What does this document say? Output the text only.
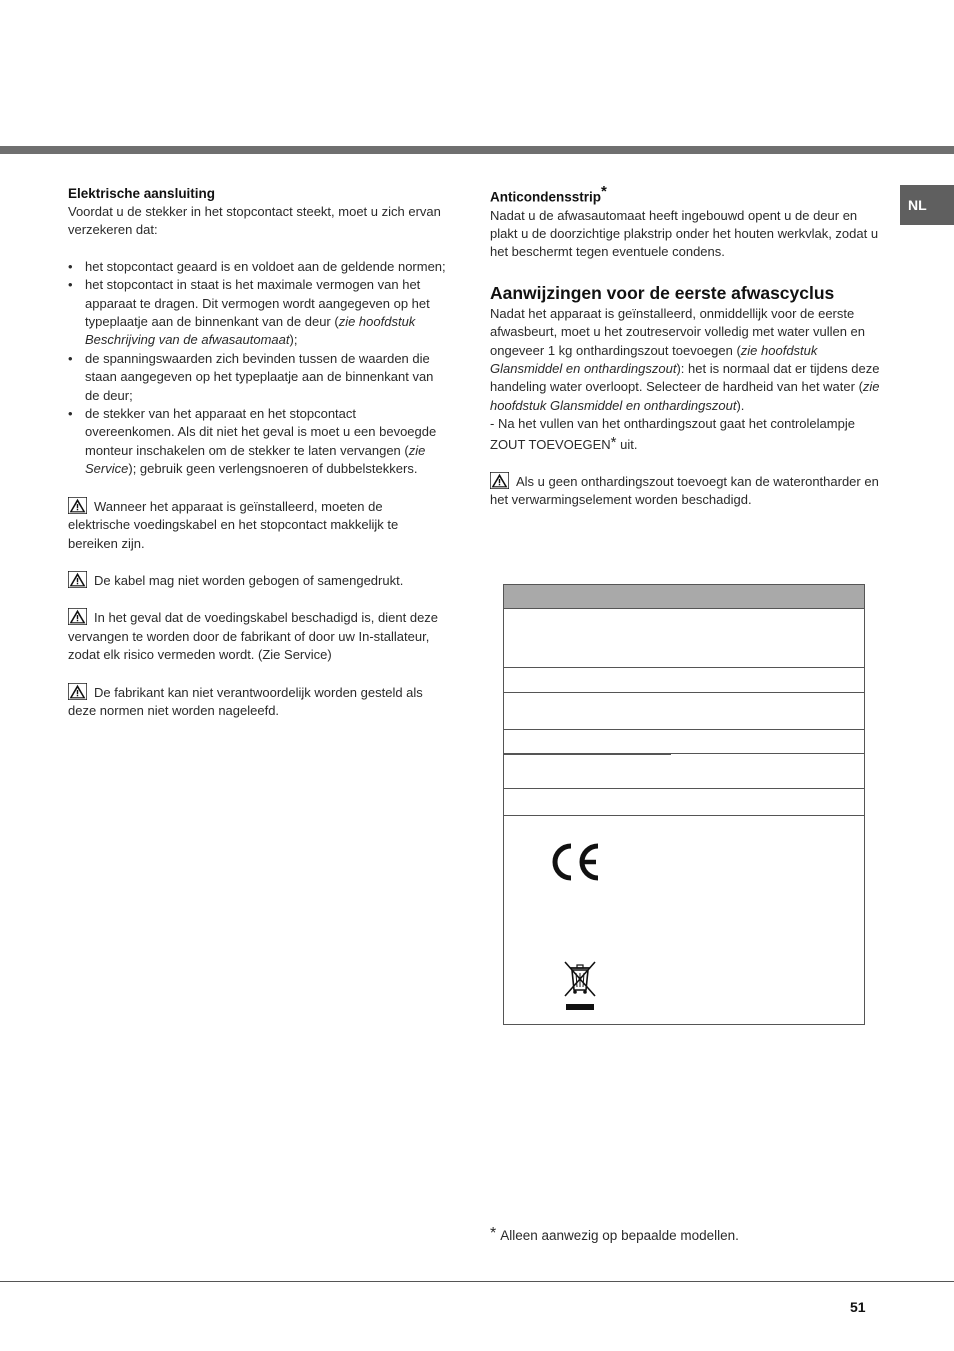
NL
Elektrische aansluiting

Voordat u de stekker in het stopcontact steekt, moet u zich ervan verzekeren dat:

• het stopcontact geaard is en voldoet aan de geldende normen;
• het stopcontact in staat is het maximale vermogen van het apparaat te dragen. Dit vermogen wordt aangegeven op het typeplaatje aan de binnenkant van de deur (zie hoofdstuk Beschrijving van de afwasautomaat);
• de spanningswaarden zich bevinden tussen de waarden die staan aangegeven op het typeplaatje aan de binnenkant van de deur;
• de stekker van het apparaat en het stopcontact overeenkomen. Als dit niet het geval is moet u een bevoegde monteur inschakelen om de stekker te laten vervangen (zie Service); gebruik geen verlengsnoeren of dubbelstekkers.

Wanneer het apparaat is geïnstalleerd, moeten de elektrische voedingskabel en het stopcontact makkelijk te bereiken zijn.

De kabel mag niet worden gebogen of samengedrukt.

In het geval dat de voedingskabel beschadigd is, dient deze vervangen te worden door de fabrikant of door uw In-stallateur, zodat elk risico vermeden wordt. (Zie Service)

De fabrikant kan niet verantwoordelijk worden gesteld als deze normen niet worden nageleefd.

Anticondensstrip*

Nadat u de afwasautomaat heeft ingebouwd opent u de deur en plakt u de doorzichtige plakstrip onder het houten werkvlak, zodat u het beschermt tegen eventuele condens.

Aanwijzingen voor de eerste afwascyclus

Nadat het apparaat is geïnstalleerd, onmiddellijk voor de eerste afwasbeurt, moet u het zoutreservoir volledig met water vullen en ongeveer 1 kg onthardingszout toevoegen (zie hoofdstuk Glansmiddel en onthardingszout): het is normaal dat er tijdens deze handeling water overloopt. Selecteer de hardheid van het water (zie hoofdstuk Glansmiddel en onthardingszout).
- Na het vullen van het onthardingszout gaat het controlelampje ZOUT TOEVOEGEN* uit.

Als u geen onthardingszout toevoegt kan de waterontharder en het verwarmingselement worden beschadigd.

* Alleen aanwezig op bepaalde modellen.
51
